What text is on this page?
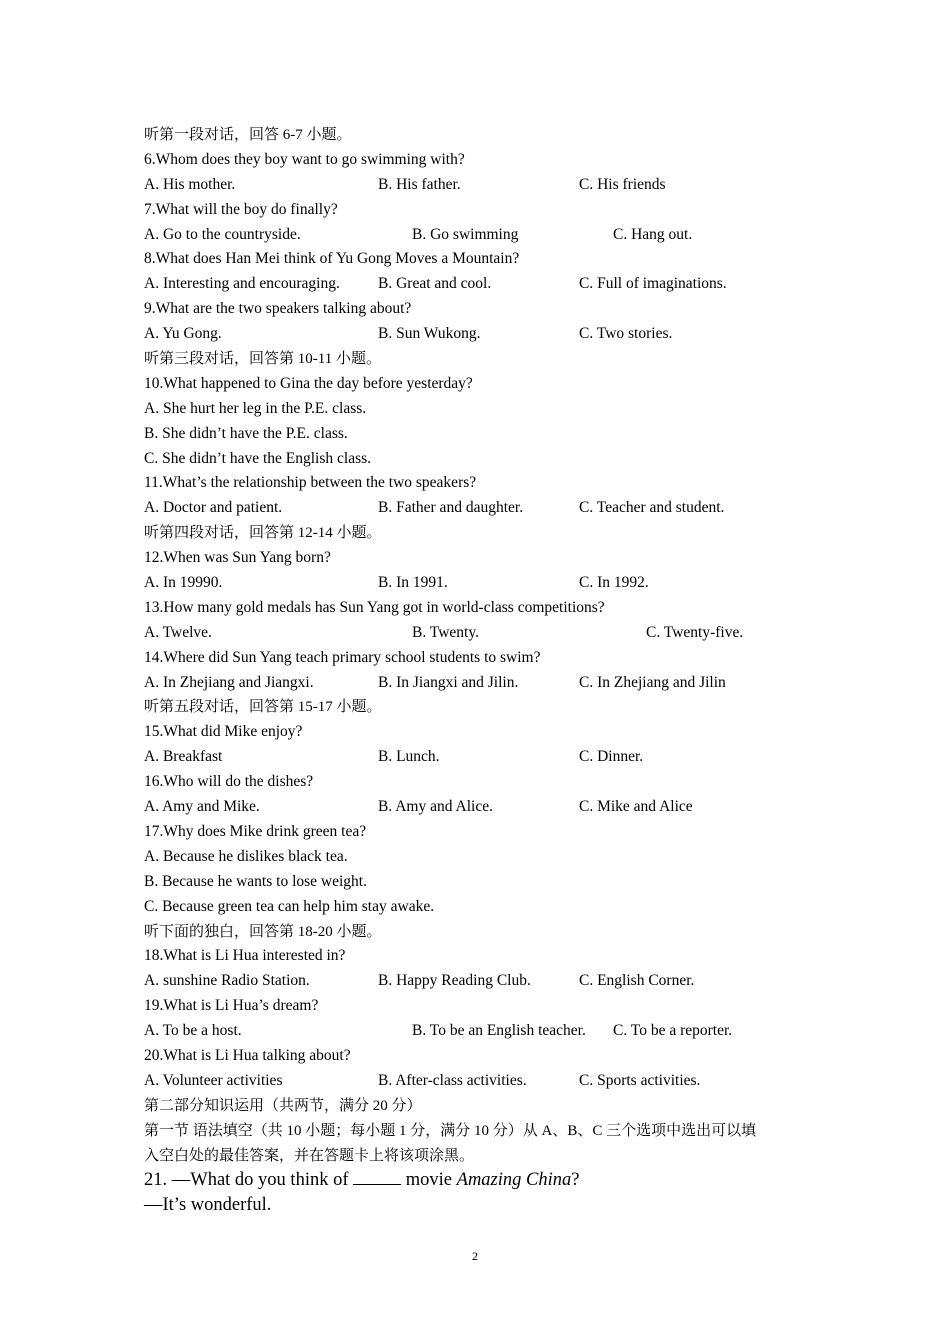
听第一段对话，回答 6-7 小题。
6.Whom does they boy want to go swimming with?
A. His mother.	B. His father.	C. His friends
7.What will the boy do finally?
A. Go to the countryside.	B. Go swimming	C. Hang out.
8.What does Han Mei think of Yu Gong Moves a Mountain?
A. Interesting and encouraging. B. Great and cool.	C. Full of imaginations.
9.What are the two speakers talking about?
A. Yu Gong.	B. Sun Wukong.	C. Two stories.
听第三段对话，回答第 10-11 小题。
10.What happened to Gina the day before yesterday?
A. She hurt her leg in the P.E. class.
B. She didn’t have the P.E. class.
C. She didn’t have the English class.
11.What’s the relationship between the two speakers?
A. Doctor and patient.	B. Father and daughter.	C. Teacher and student.
听第四段对话，回答第 12-14 小题。
12.When was Sun Yang born?
A. In 19990.	B. In 1991.	C. In 1992.
13.How many gold medals has Sun Yang got in world-class competitions?
A. Twelve.	B. Twenty.	C. Twenty-five.
14.Where did Sun Yang teach primary school students to swim?
A. In Zhejiang and Jiangxi.	B. In Jiangxi and Jilin.	C. In Zhejiang and Jilin
听第五段对话，回答第 15-17 小题。
15.What did Mike enjoy?
A. Breakfast	B. Lunch.	C. Dinner.
16.Who will do the dishes?
A. Amy and Mike.	B. Amy and Alice.	C. Mike and Alice
17.Why does Mike drink green tea?
A. Because he dislikes black tea.
B. Because he wants to lose weight.
C. Because green tea can help him stay awake.
听下面的独白，回答第 18-20 小题。
18.What is Li Hua interested in?
A. sunshine Radio Station.	B. Happy Reading Club.	C. English Corner.
19.What is Li Hua’s dream?
A. To be a host.	B. To be an English teacher. C. To be a reporter.
20.What is Li Hua talking about?
A. Volunteer activities	B. After-class activities.	C. Sports activities.
第二部分知识运用（共两节，满分 20 分）
第一节 语法填空（共 10 小题；每小题 1 分，满分 10 分）从 A、B、C 三个选项中选出可以填
入空白处的最佳答案，并在答题卡上将该项涂黑。
21. —What do you think of	movie Amazing China?
—It’s wonderful.
2
